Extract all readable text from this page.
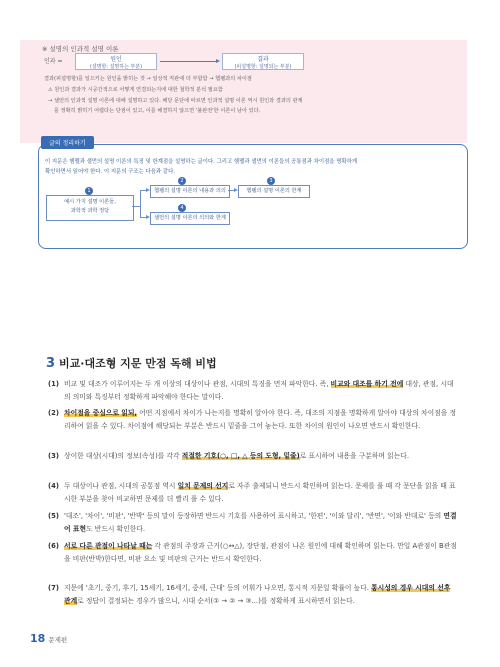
※ 설명의 인과적 설명 이론
인과 =	원인
(설명항: 설명하는 부분)
결과
(피설명항: 설명되는 부분)
결과(피설명항)를 일으키는 원인을 밝히는 것 → 일상적 직관에 더 부합함 → 헴펠과의 차이점
⚠ 원인과 결과가 시공간적으로 어떻게 연결되는지에 대한 철학적 분석 필요함
→ 샐먼의 인과적 설명 이론에 대해 설명하고 있다. 해당 문단에 따르면 인과적 설명 이론 역시 원인과 결과의 관계
를 정확히 밝히기 어렵다는 단점이 있고, 이를 해결하지 않으면 '불완전'한 이론이 남아 있다.
글의 정리하기
이 지문은 헴펠과 샐먼의 설명 이론의 특징 및 한계점을 설명하는 글이다. 그리고 헴펠과 샐먼의 이론들의 공통점과 차이점을 명확하게
확인하면서 읽어야 한다. 이 지문의 구조는 다음과 같다.
1
예시 가지 설명 이론들,
과학적 과학 정당
2
헴펠의 설명 이론의 내용과 의의
3
헴펠의 설명 이론의 한계
4
샐먼의 설명 이론의 의의와 한계
3 비교·대조형 지문 만점 독해 비법
(1) 비교 및 대조가 이루어지는 두 개 이상의 대상이나 관점, 시대의 특징을 먼저 파악한다. 즉, 비교와 대조를 하기 전에 대상, 관점, 시대의 의미와 특징부터 정확하게 파악해야 한다는 말이다.
(2) 차이점을 중심으로 읽되, 어떤 지점에서 차이가 나는지를 명확히 알아야 한다. 즉, 대조의 지점을 명확하게 알아야 대상의 차이점을 정리하여 읽을 수 있다. 차이점에 해당되는 부분은 반드시 밑줄을 그어 놓는다. 또한 차이의 원인이 나오면 반드시 확인한다.
(3) 상이한 대상(시대)의 정보(속성)를 각각 적절한 기호(○, □, △ 등의 도형, 밑줄)로 표시하여 내용을 구분하며 읽는다.
(4) 두 대상이나 관점, 시대의 공통점 역시 일치 문제의 선지로 자주 출제되니 반드시 확인하며 읽는다. 문제를 풀 때 각 문단을 읽을 때 표시한 부분을 찾아 비교하면 문제를 더 빨리 풀 수 있다.
(5) '대조', '차이', '비판', '반박' 등의 말이 등장하면 반드시 기호를 사용하여 표시하고, '한편', '이와 달리', '반면', '이와 반대로' 등의 연결어 표현도 반드시 확인한다.
(6) 서로 다른 관점이 나타날 때는 각 관점의 주장과 근거(○↔△), 장단점, 관점이 나온 원인에 대해 확인하며 읽는다. 만일 A관점이 B관점을 비판(반박)한다면, 비판 요소 및 비판의 근거는 반드시 확인한다.
(7) 지문에 '초기, 중기, 후기, 15세기, 16세기, 중세, 근대' 등의 어휘가 나오면, 통시적 지문일 확률이 높다. 통시성의 경우 시대의 선후 관계로 정답이 결정되는 경우가 많으니, 시대 순서(① → ② → ③…)를 정확하게 표시하면서 읽는다.
18 문제편
